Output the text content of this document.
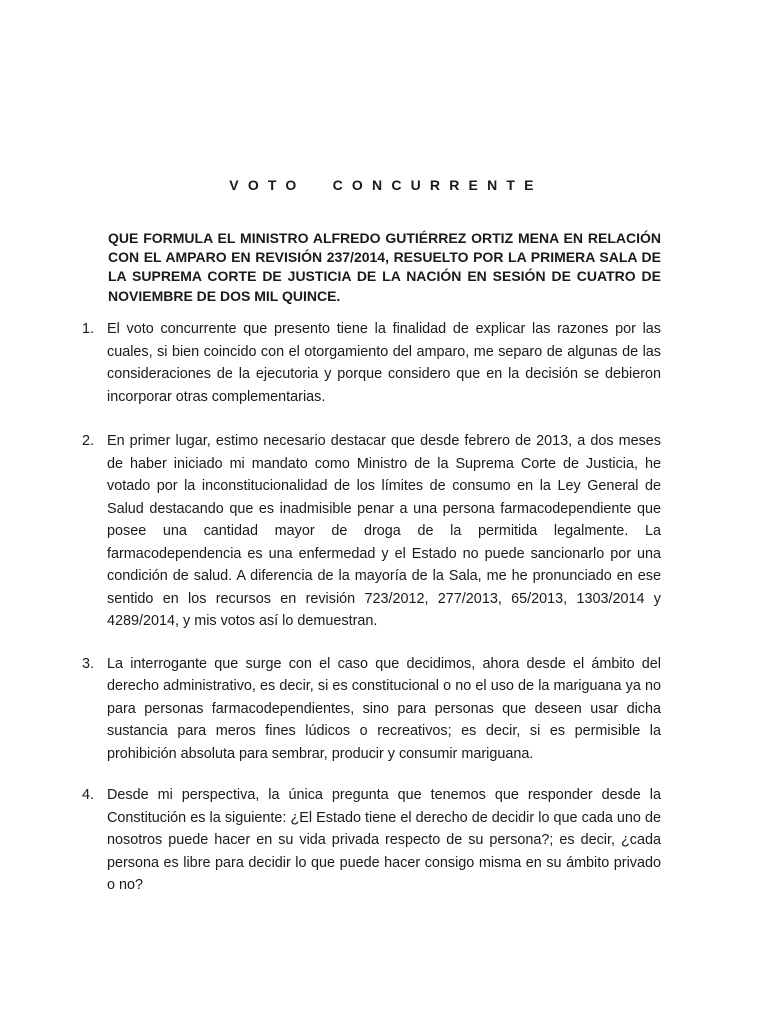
VOTO CONCURRENTE
QUE FORMULA EL MINISTRO ALFREDO GUTIÉRREZ ORTIZ MENA EN RELACIÓN CON EL AMPARO EN REVISIÓN 237/2014, RESUELTO POR LA PRIMERA SALA DE LA SUPREMA CORTE DE JUSTICIA DE LA NACIÓN EN SESIÓN DE CUATRO DE NOVIEMBRE DE DOS MIL QUINCE.
1. El voto concurrente que presento tiene la finalidad de explicar las razones por las cuales, si bien coincido con el otorgamiento del amparo, me separo de algunas de las consideraciones de la ejecutoria y porque considero que en la decisión se debieron incorporar otras complementarias.
2. En primer lugar, estimo necesario destacar que desde febrero de 2013, a dos meses de haber iniciado mi mandato como Ministro de la Suprema Corte de Justicia, he votado por la inconstitucionalidad de los límites de consumo en la Ley General de Salud destacando que es inadmisible penar a una persona farmacodependiente que posee una cantidad mayor de droga de la permitida legalmente. La farmacodependencia es una enfermedad y el Estado no puede sancionarlo por una condición de salud. A diferencia de la mayoría de la Sala, me he pronunciado en ese sentido en los recursos en revisión 723/2012, 277/2013, 65/2013, 1303/2014 y 4289/2014, y mis votos así lo demuestran.
3. La interrogante que surge con el caso que decidimos, ahora desde el ámbito del derecho administrativo, es decir, si es constitucional o no el uso de la mariguana ya no para personas farmacodependientes, sino para personas que deseen usar dicha sustancia para meros fines lúdicos o recreativos; es decir, si es permisible la prohibición absoluta para sembrar, producir y consumir mariguana.
4. Desde mi perspectiva, la única pregunta que tenemos que responder desde la Constitución es la siguiente: ¿El Estado tiene el derecho de decidir lo que cada uno de nosotros puede hacer en su vida privada respecto de su persona?; es decir, ¿cada persona es libre para decidir lo que puede hacer consigo misma en su ámbito privado o no?
